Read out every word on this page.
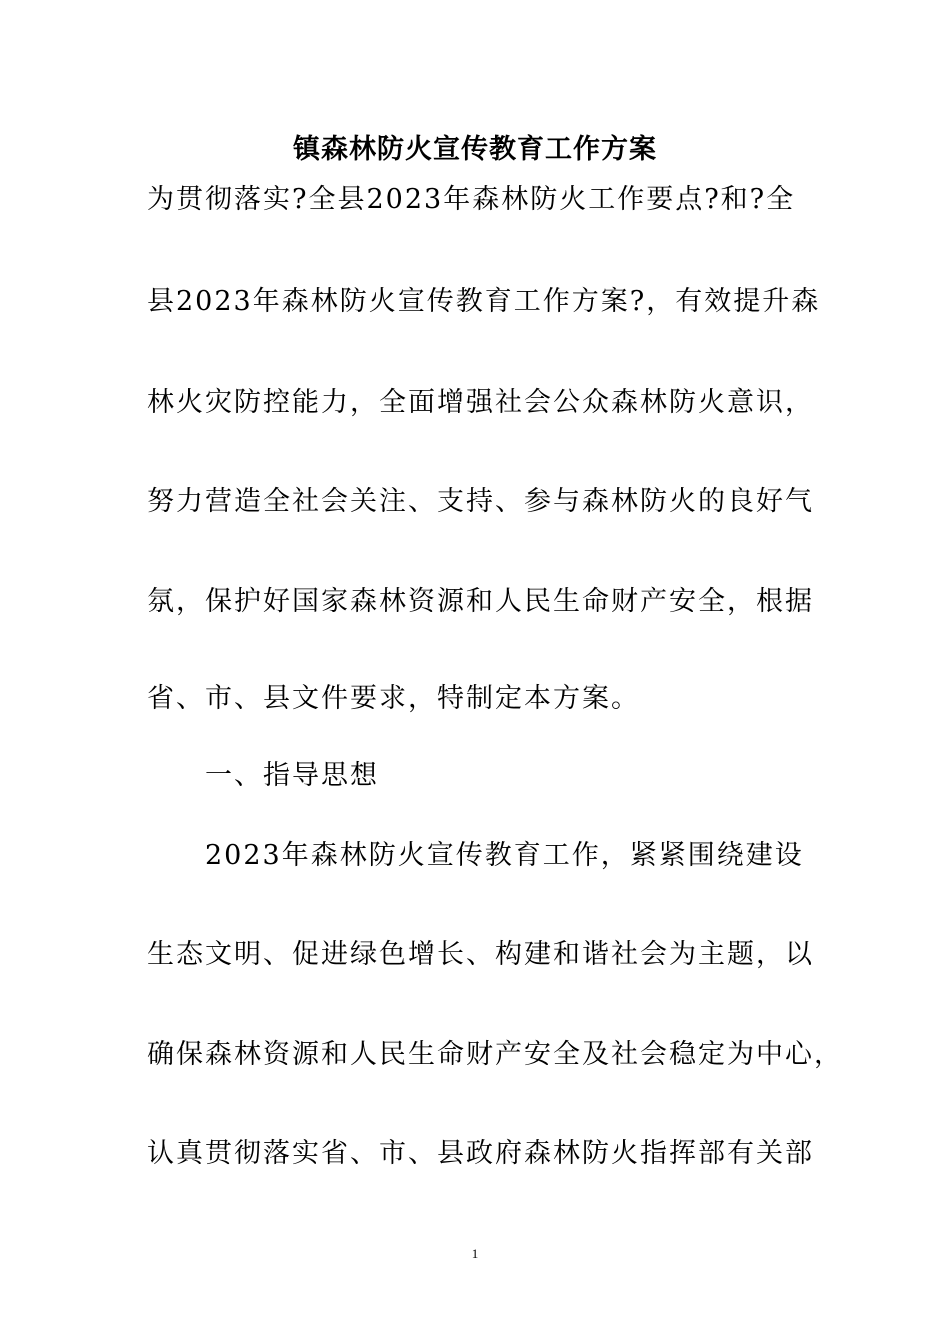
镇森林防火宣传教育工作方案
为贯彻落实?全县2023年森林防火工作要点?和?全
县2023年森林防火宣传教育工作方案?，有效提升森
林火灾防控能力，全面增强社会公众森林防火意识，
努力营造全社会关注、支持、参与森林防火的良好气
氛，保护好国家森林资源和人民生命财产安全，根据
省、市、县文件要求，特制定本方案。
一、指导思想
2023年森林防火宣传教育工作，紧紧围绕建设
生态文明、促进绿色增长、构建和谐社会为主题，以
确保森林资源和人民生命财产安全及社会稳定为中心，
认真贯彻落实省、市、县政府森林防火指挥部有关部
1
